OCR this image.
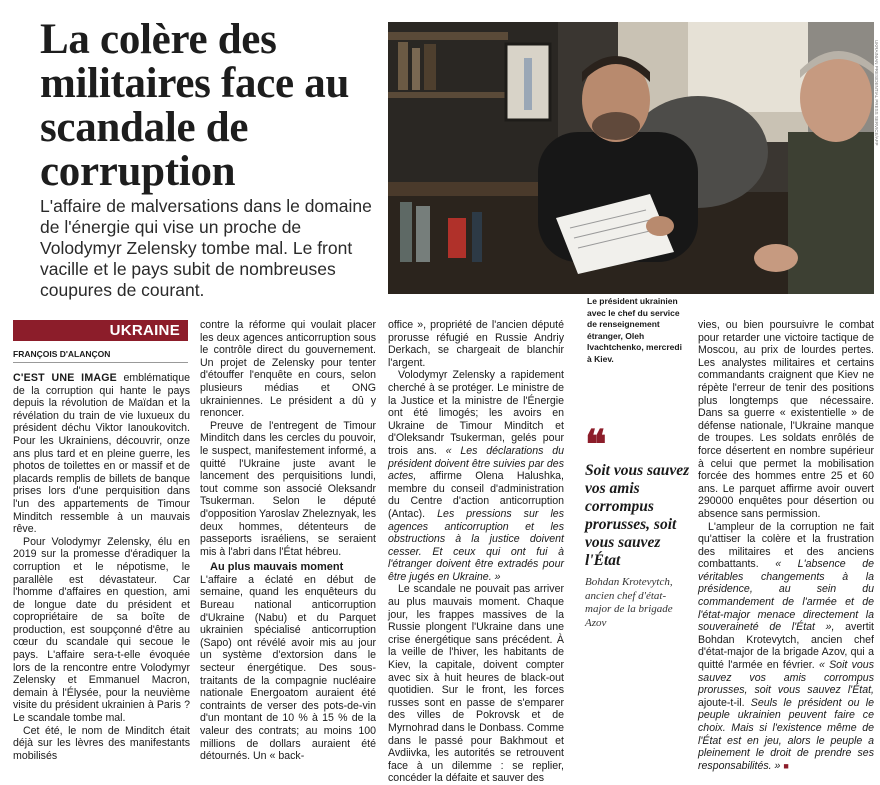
La colère des militaires face au scandale de corruption
L'affaire de malversations dans le domaine de l'énergie qui vise un proche de Volodymyr Zelensky tombe mal. Le front vacille et le pays subit de nombreuses coupures de courant.
UKRAINIAN PRESIDENTIAL PRESS SERVICE/AFP
Le président ukrainien avec le chef du service de renseignement étranger, Oleh Ivachtchenko, mercredi à Kiev.
UKRAINE
FRANÇOIS D'ALANÇON

C'EST UNE IMAGE emblématique de la corruption qui hante le pays depuis la révolution de Maïdan et la révélation du train de vie luxueux du président déchu Viktor Ianoukovitch. Pour les Ukrainiens, découvrir, onze ans plus tard et en pleine guerre, les photos de toilettes en or massif et de placards remplis de billets de banque prises lors d'une perquisition dans l'un des appartements de Timour Minditch ressemble à un mauvais rêve.

Pour Volodymyr Zelensky, élu en 2019 sur la promesse d'éradiquer la corruption et le népotisme, le parallèle est dévastateur. Car l'homme d'affaires en question, ami de longue date du président et copropriétaire de sa boîte de production, est soupçonné d'être au cœur du scandale qui secoue le pays. L'affaire sera-t-elle évoquée lors de la rencontre entre Volodymyr Zelensky et Emmanuel Macron, demain à l'Élysée, pour la neuvième visite du président ukrainien à Paris ? Le scandale tombe mal.

Cet été, le nom de Minditch était déjà sur les lèvres des manifestants mobilisés

contre la réforme qui voulait placer les deux agences anticorruption sous le contrôle direct du gouvernement. Un projet de Zelensky pour tenter d'étouffer l'enquête en cours, selon plusieurs médias et ONG ukrainiennes. Le président a dû y renoncer.

Preuve de l'entregent de Timour Minditch dans les cercles du pouvoir, le suspect, manifestement informé, a quitté l'Ukraine juste avant le lancement des perquisitions lundi, tout comme son associé Oleksandr Tsukerman. Selon le député d'opposition Yaroslav Zheleznyak, les deux hommes, détenteurs de passeports israéliens, se seraient mis à l'abri dans l'État hébreu.

Au plus mauvais moment

L'affaire a éclaté en début de semaine, quand les enquêteurs du Bureau national anticorruption d'Ukraine (Nabu) et du Parquet ukrainien spécialisé anticorruption (Sapo) ont révélé avoir mis au jour un système d'extorsion dans le secteur énergétique. Des sous-traitants de la compagnie nucléaire nationale Energoatom auraient été contraints de verser des pots-de-vin d'un montant de 10 % à 15 % de la valeur des contrats; au moins 100 millions de dollars auraient été détournés. Un « back-

office », propriété de l'ancien député prorusse réfugié en Russie Andriy Derkach, se chargeait de blanchir l'argent.

Volodymyr Zelensky a rapidement cherché à se protéger. Le ministre de la Justice et la ministre de l'Énergie ont été limogés; les avoirs en Ukraine de Timour Minditch et d'Oleksandr Tsukerman, gelés pour trois ans. « Les déclarations du président doivent être suivies par des actes, affirme Olena Halushka, membre du conseil d'administration du Centre d'action anticorruption (Antac). Les pressions sur les agences anticorruption et les obstructions à la justice doivent cesser. Et ceux qui ont fui à l'étranger doivent être extradés pour être jugés en Ukraine. »

Le scandale ne pouvait pas arriver au plus mauvais moment. Chaque jour, les frappes massives de la Russie plongent l'Ukraine dans une crise énergétique sans précédent. À la veille de l'hiver, les habitants de Kiev, la capitale, doivent compter avec six à huit heures de black-out quotidien. Sur le front, les forces russes sont en passe de s'emparer des villes de Pokrovsk et de Myrnohrad dans le Donbass. Comme dans le passé pour Bakhmout et Avdiivka, les autorités se retrouvent face à un dilemme : se replier, concéder la défaite et sauver des

❝
Soit vous sauvez vos amis corrompus prorusses, soit vous sauvez l'État
Bohdan Krotevytch, ancien chef d'état-major de la brigade Azov

vies, ou bien poursuivre le combat pour retarder une victoire tactique de Moscou, au prix de lourdes pertes. Les analystes militaires et certains commandants craignent que Kiev ne répète l'erreur de tenir des positions plus longtemps que nécessaire. Dans sa guerre « existentielle » de défense nationale, l'Ukraine manque de troupes. Les soldats enrôlés de force désertent en nombre supérieur à celui que permet la mobilisation forcée des hommes entre 25 et 60 ans. Le parquet affirme avoir ouvert 290000 enquêtes pour désertion ou absence sans permission.

L'ampleur de la corruption ne fait qu'attiser la colère et la frustration des militaires et des anciens combattants. « L'absence de véritables changements à la présidence, au sein du commandement de l'armée et de l'état-major menace directement la souveraineté de l'État », avertit Bohdan Krotevytch, ancien chef d'état-major de la brigade Azov, qui a quitté l'armée en février. « Soit vous sauvez vos amis corrompus prorusses, soit vous sauvez l'État, ajoute-t-il. Seuls le président ou le peuple ukrainien peuvent faire ce choix. Mais si l'existence même de l'État est en jeu, alors le peuple a pleinement le droit de prendre ses responsabilités. » ■
